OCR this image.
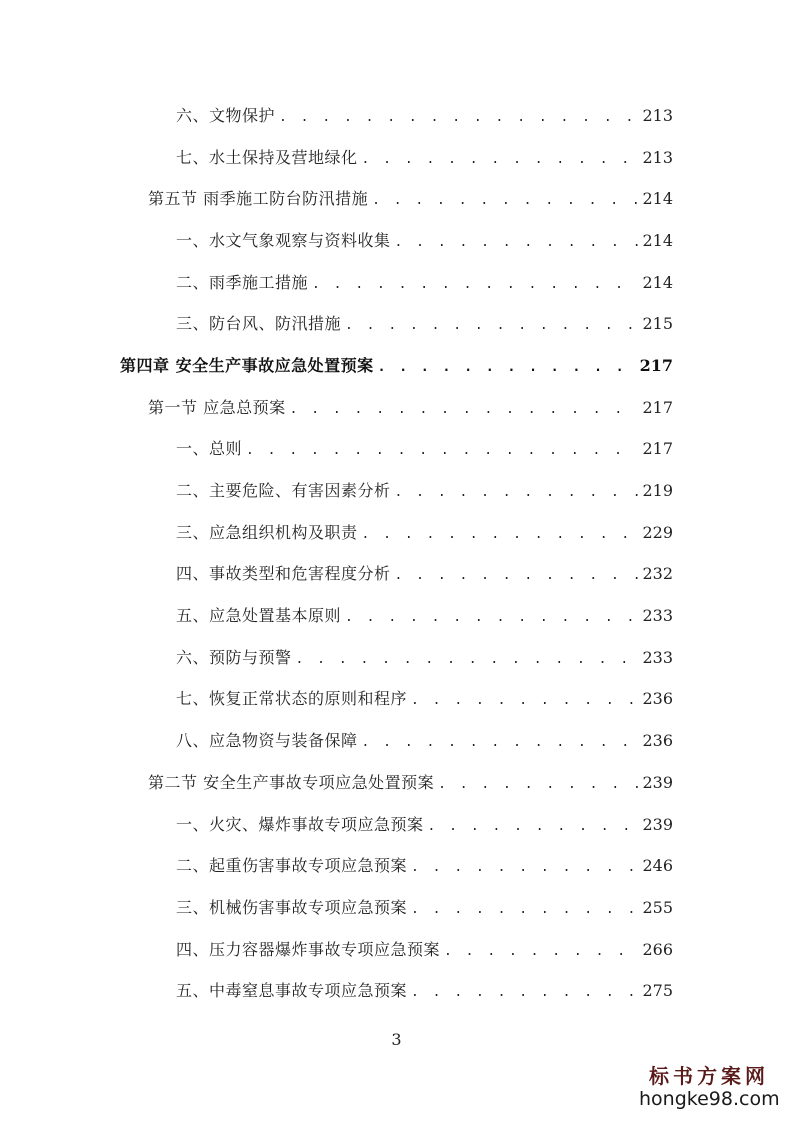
六、文物保护 . . .	213
七、水土保持及营地绿化 . . .	213
第五节 雨季施工防台防汛措施 . . .	214
一、水文气象观察与资料收集 . . .	214
二、雨季施工措施 . . .	214
三、防台风、防汛措施 . . .	215
第四章 安全生产事故应急处置预案 . . .	217
第一节 应急总预案 . . .	217
一、总则 . . .	217
二、主要危险、有害因素分析 . . .	219
三、应急组织机构及职责 . . .	229
四、事故类型和危害程度分析 . . .	232
五、应急处置基本原则 . . .	233
六、预防与预警 . . .	233
七、恢复正常状态的原则和程序 . . .	236
八、应急物资与装备保障 . . .	236
第二节 安全生产事故专项应急处置预案 . . .	239
一、火灾、爆炸事故专项应急预案 . . .	239
二、起重伤害事故专项应急预案 . . .	246
三、机械伤害事故专项应急预案 . . .	255
四、压力容器爆炸事故专项应急预案 . . .	266
五、中毒窒息事故专项应急预案 . . .	275
3
标书方案网
hongke98.com
